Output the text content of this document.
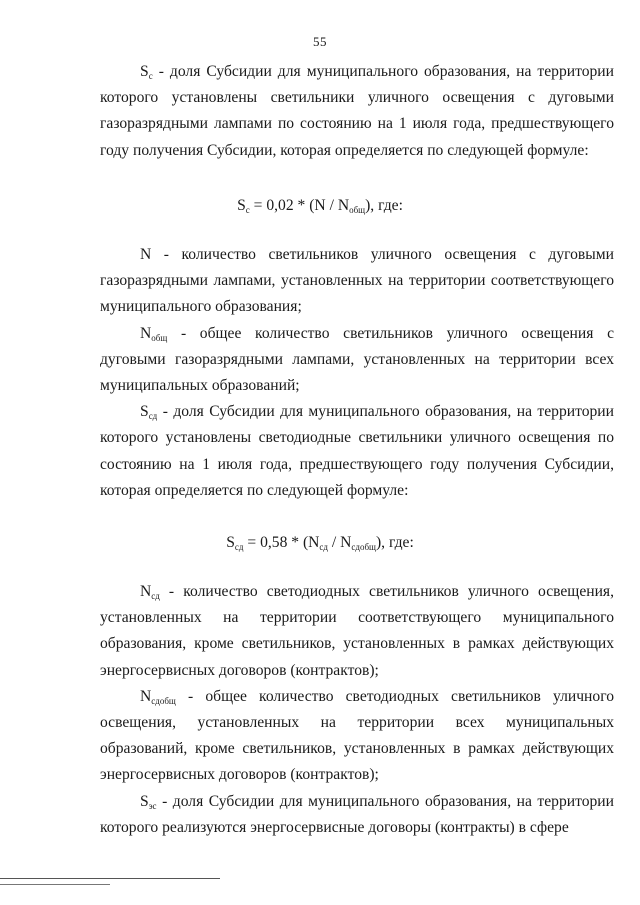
55

$S_с$ - доля Субсидии для муниципального образования, на территории которого установлены светильники уличного освещения с дуговыми газоразрядными лампами по состоянию на 1 июля года, предшествующего году получения Субсидии, которая определяется по следующей формуле:

$S_с = 0,02 * (N / N_{общ})$, где:

N - количество светильников уличного освещения с дуговыми газоразрядными лампами, установленных на территории соответствующего муниципального образования;

$N_{общ}$ - общее количество светильников уличного освещения с дуговыми газоразрядными лампами, установленных на территории всех муниципальных образований;

$S_{сд}$ - доля Субсидии для муниципального образования, на территории которого установлены светодиодные светильники уличного освещения по состоянию на 1 июля года, предшествующего году получения Субсидии, которая определяется по следующей формуле:

$S_{сд} = 0,58 * (N_{сд} / N_{сдобщ})$, где:

$N_{сд}$ - количество светодиодных светильников уличного освещения, установленных на территории соответствующего муниципального образования, кроме светильников, установленных в рамках действующих энергосервисных договоров (контрактов);

$N_{сдобщ}$ - общее количество светодиодных светильников уличного освещения, установленных на территории всех муниципальных образований, кроме светильников, установленных в рамках действующих энергосервисных договоров (контрактов);

$S_{эс}$ - доля Субсидии для муниципального образования, на территории которого реализуются энергосервисные договоры (контракты) в сфере
